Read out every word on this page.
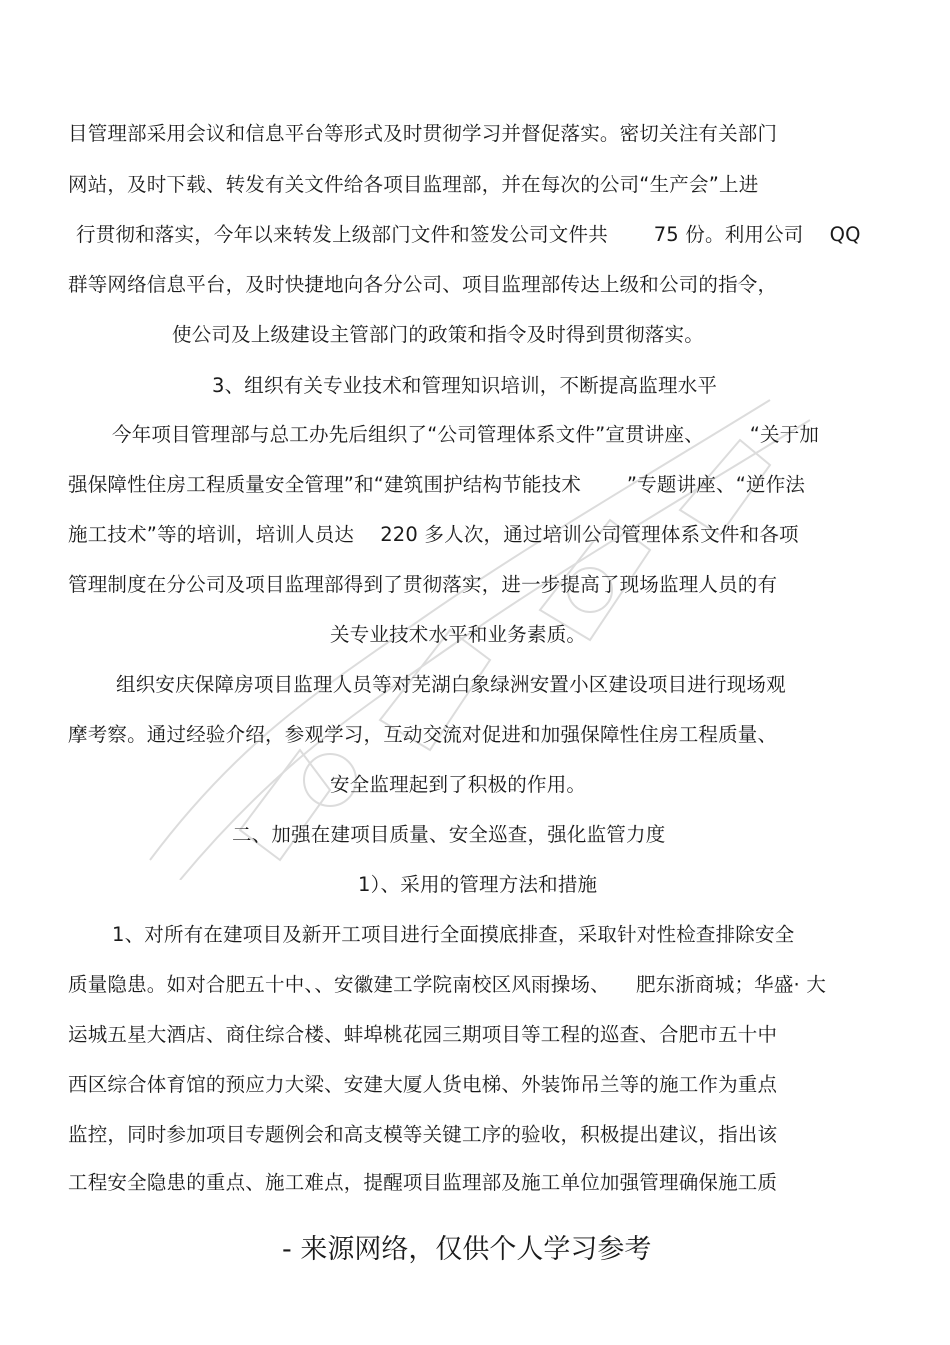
目管理部采用会议和信息平台等形式及时贯彻学习并督促落实。密切关注有关部门
网站，及时下载、转发有关文件给各项目监理部，并在每次的公司“生产会”上进
行贯彻和落实，今年以来转发上级部门文件和签发公司文件共 　　75 份。利用公司 　QQ
群等网络信息平台，及时快捷地向各分公司、项目监理部传达上级和公司的指令，
使公司及上级建设主管部门的政策和指令及时得到贯彻落实。
3、组织有关专业技术和管理知识培训，不断提高监理水平
今年项目管理部与总工办先后组织了“公司管理体系文件”宣贯讲座、 　　“关于加
强保障性住房工程质量安全管理”和“建筑围护结构节能技术 　　”专题讲座、“逆作法
施工技术”等的培训，培训人员达 　220 多人次，通过培训公司管理体系文件和各项
管理制度在分公司及项目监理部得到了贯彻落实，进一步提高了现场监理人员的有
关专业技术水平和业务素质。
组织安庆保障房项目监理人员等对芜湖白象绿洲安置小区建设项目进行现场观
摩考察。通过经验介绍，参观学习，互动交流对促进和加强保障性住房工程质量、
安全监理起到了积极的作用。
二、加强在建项目质量、安全巡查，强化监管力度
1）、采用的管理方法和措施
1、对所有在建项目及新开工项目进行全面摸底排查，采取针对性检查排除安全
质量隐患。如对合肥五十中、、安徽建工学院南校区风雨操场、 　肥东浙商城；华盛· 大
运城五星大酒店、商住综合楼、蚌埠桃花园三期项目等工程的巡查、合肥市五十中
西区综合体育馆的预应力大梁、安建大厦人货电梯、外装饰吊兰等的施工作为重点
监控，同时参加项目专题例会和高支模等关键工序的验收，积极提出建议，指出该
工程安全隐患的重点、施工难点，提醒项目监理部及施工单位加强管理确保施工质
- 来源网络，仅供个人学习参考
